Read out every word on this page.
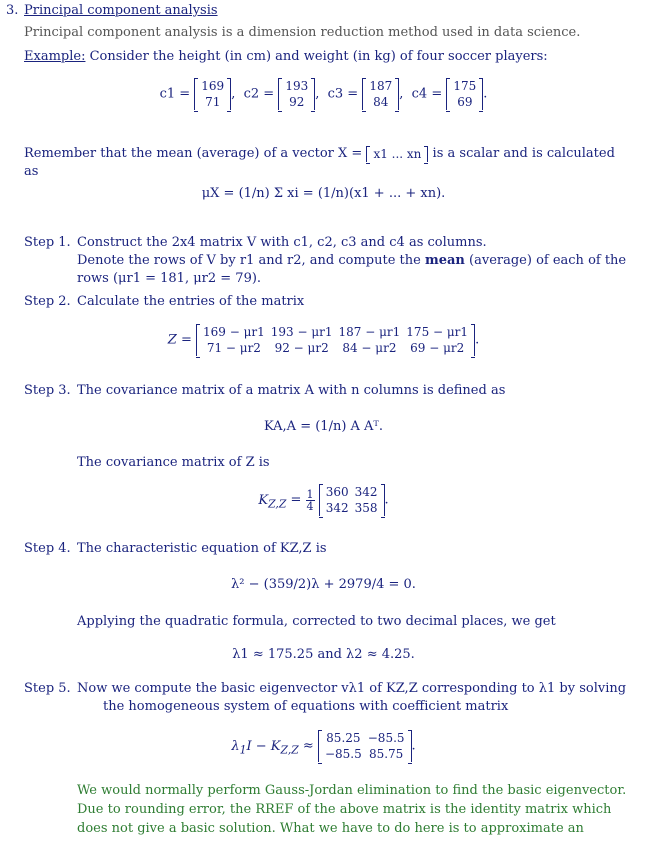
3. Principal component analysis
Principal component analysis is a dimension reduction method used in data science.
Example: Consider the height (in cm) and weight (in kg) of four soccer players:
c1 =
169
71
,  c2 =
193
92
,  c3 =
187
84
,  c4 =
175
69
.
Remember that the mean (average) of a vector X = x1 ... xn is a scalar and is calculated
as
μX = (1/n) Σ xi = (1/n)(x1 + ... + xn).
Step 1. Construct the 2x4 matrix V with c1, c2, c3 and c4 as columns.
Denote the rows of V by r1 and r2, and compute the mean (average) of each of the
rows (μr1 = 181, μr2 = 79).
Step 2. Calculate the entries of the matrix
Z =
169 − μr1	193 − μr1	187 − μr1	175 − μr1
71 − μr2	92 − μr2	84 − μr2	69 − μr2
.
Step 3. The covariance matrix of a matrix A with n columns is defined as
KA,A = (1/n) A Aᵀ.
The covariance matrix of Z is
$K_{Z,Z} = \frac{1}{4}$
360	342
342	358
.
Step 4. The characteristic equation of KZ,Z is
λ² − (359/2)λ + 2979/4 = 0.
Applying the quadratic formula, corrected to two decimal places, we get
λ1 ≈ 175.25 and λ2 ≈ 4.25.
Step 5. Now we compute the basic eigenvector vλ1 of KZ,Z corresponding to λ1 by solving
the homogeneous system of equations with coefficient matrix
$\lambda_1I - K_{Z,Z}$ ≈
85.25	−85.5
−85.5	85.75
.
We would normally perform Gauss-Jordan elimination to find the basic eigenvector.
Due to rounding error, the RREF of the above matrix is the identity matrix which
does not give a basic solution. What we have to do here is to approximate an
